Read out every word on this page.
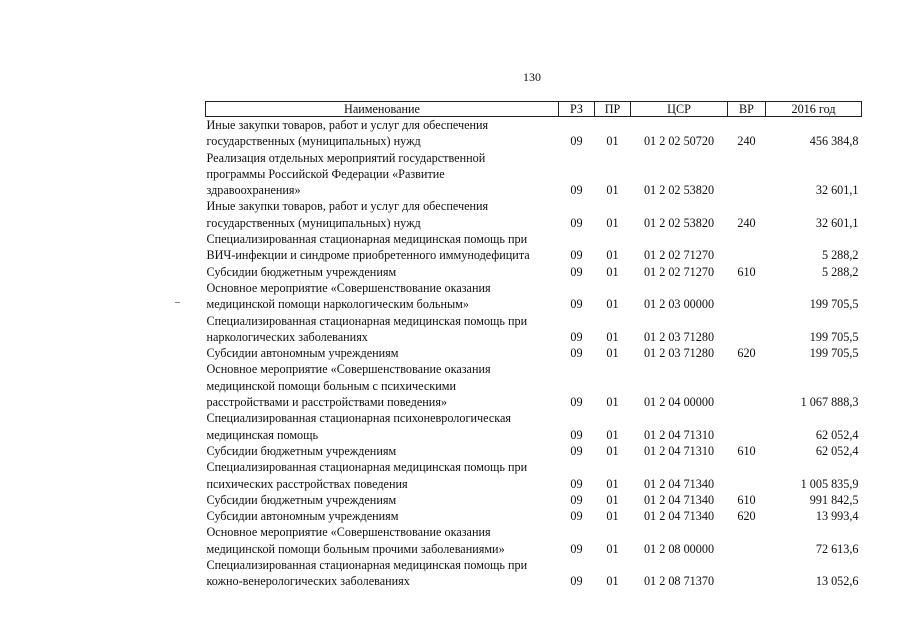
130
Наименование	РЗ	ПР	ЦСР	ВР	2016 год

Иные закупки товаров, работ и услуг для обеспечения
государственных (муниципальных) нужд	09	01	01 2 02 50720	240	456 384,8

Реализация отдельных мероприятий государственной
программы Российской Федерации «Развитие
здравоохранения»	09	01	01 2 02 53820		32 601,1

Иные закупки товаров, работ и услуг для обеспечения
государственных (муниципальных) нужд	09	01	01 2 02 53820	240	32 601,1

Специализированная стационарная медицинская помощь при
ВИЧ-инфекции и синдроме приобретенного иммунодефицита	09	01	01 2 02 71270		5 288,2

Субсидии бюджетным учреждениям	09	01	01 2 02 71270	610	5 288,2

Основное мероприятие «Совершенствование оказания
медицинской помощи наркологическим больным»	09	01	01 2 03 00000		199 705,5

Специализированная стационарная медицинская помощь при
наркологических заболеваниях	09	01	01 2 03 71280		199 705,5

Субсидии автономным учреждениям	09	01	01 2 03 71280	620	199 705,5

Основное мероприятие «Совершенствование оказания
медицинской помощи больным с психическими
расстройствами и расстройствами поведения»	09	01	01 2 04 00000		1 067 888,3

Специализированная стационарная психоневрологическая
медицинская помощь	09	01	01 2 04 71310		62 052,4

Субсидии бюджетным учреждениям	09	01	01 2 04 71310	610	62 052,4

Специализированная стационарная медицинская помощь при
психических расстройствах поведения	09	01	01 2 04 71340		1 005 835,9

Субсидии бюджетным учреждениям	09	01	01 2 04 71340	610	991 842,5

Субсидии автономным учреждениям	09	01	01 2 04 71340	620	13 993,4

Основное мероприятие «Совершенствование оказания
медицинской помощи больным прочими заболеваниями»	09	01	01 2 08 00000		72 613,6

Специализированная стационарная медицинская помощь при
кожно-венерологических заболеваниях	09	01	01 2 08 71370		13 052,6
